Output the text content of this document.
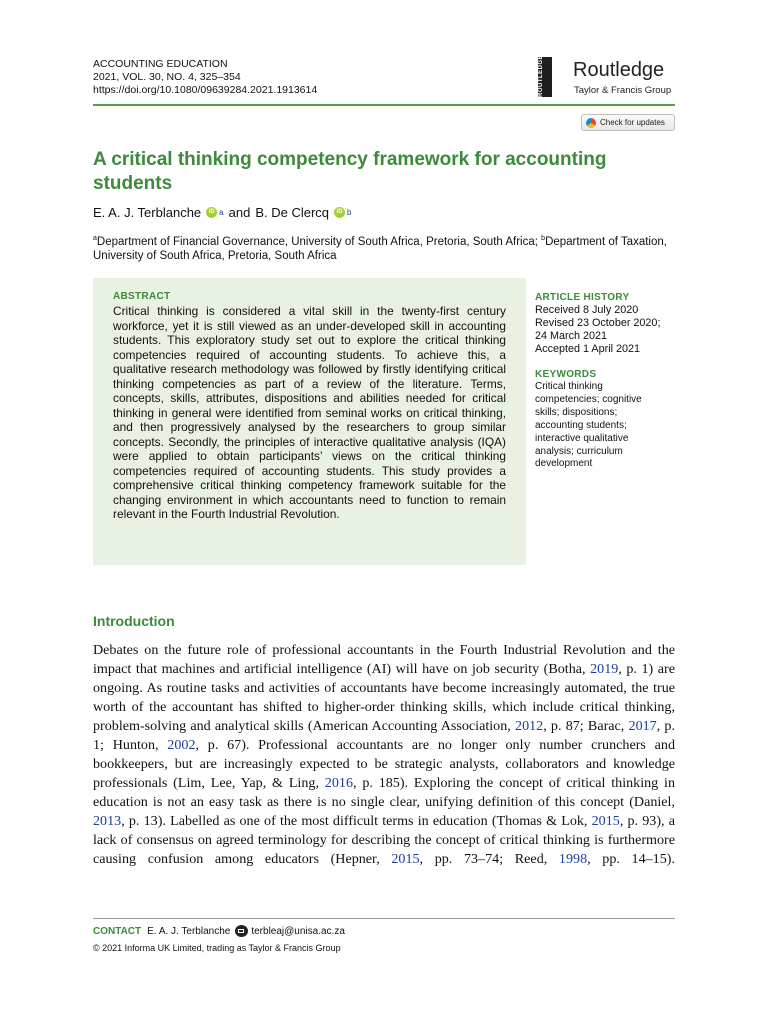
ACCOUNTING EDUCATION
2021, VOL. 30, NO. 4, 325–354
https://doi.org/10.1080/09639284.2021.1913614	ROUTLEDGE	Routledge
Taylor & Francis Group
Check for updates
A critical thinking competency framework for accounting students
E. A. J. Terblanche	iD a and B. De Clercq	iD b
$^a$Department of Financial Governance, University of South Africa, Pretoria, South Africa; $^b$Department of Taxation, University of South Africa, Pretoria, South Africa
ABSTRACT
Critical thinking is considered a vital skill in the twenty-first century workforce, yet it is still viewed as an under-developed skill in accounting students. This exploratory study set out to explore the critical thinking competencies required of accounting students. To achieve this, a qualitative research methodology was followed by firstly identifying critical thinking competencies as part of a review of the literature. Terms, concepts, skills, attributes, dispositions and abilities needed for critical thinking in general were identified from seminal works on critical thinking, and then progressively analysed by the researchers to group similar concepts. Secondly, the principles of interactive qualitative analysis (IQA) were applied to obtain participants’ views on the critical thinking competencies required of accounting students. This study provides a comprehensive critical thinking competency framework suitable for the changing environment in which accountants need to function to remain relevant in the Fourth Industrial Revolution.
ARTICLE HISTORY
Received 8 July 2020
Revised 23 October 2020;
24 March 2021
Accepted 1 April 2021
KEYWORDS
Critical thinking
competencies; cognitive
skills; dispositions;
accounting students;
interactive qualitative
analysis; curriculum
development
Introduction

Debates on the future role of professional accountants in the Fourth Industrial Revolution and the impact that machines and artificial intelligence (AI) will have on job security (Botha, 2019, p. 1) are ongoing. As routine tasks and activities of accountants have become increasingly automated, the true worth of the accountant has shifted to higher-order thinking skills, which include critical thinking, problem-solving and analytical skills (American Accounting Association, 2012, p. 87; Barac, 2017, p. 1; Hunton, 2002, p. 67). Professional accountants are no longer only number crunchers and bookkeepers, but are increasingly expected to be strategic analysts, collaborators and knowledge professionals (Lim, Lee, Yap, & Ling, 2016, p. 185). Exploring the concept of critical thinking in education is not an easy task as there is no single clear, unifying definition of this concept (Daniel, 2013, p. 13). Labelled as one of the most difficult terms in education (Thomas & Lok, 2015, p. 93), a lack of consensus on agreed terminology for describing the concept of critical thinking is furthermore causing confusion among educators (Hepner, 2015, pp. 73–74; Reed, 1998, pp. 14–15).

CONTACT E. A. J. Terblanche terbleaj@unisa.ac.za
© 2021 Informa UK Limited, trading as Taylor & Francis Group
